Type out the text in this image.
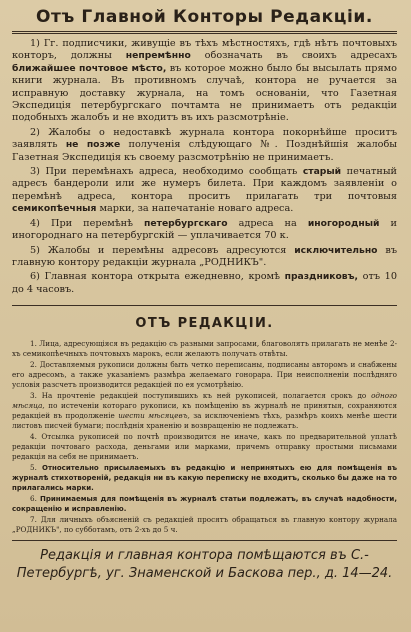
Отъ Главной Конторы Редакціи.

1) Гг. подписчики, живущіе въ тѣхъ мѣстностяхъ, гдѣ нѣтъ почтовыхъ конторъ, должны непремѣнно обозначать въ своихъ адресахъ ближайшее почтовое мѣсто, въ которое можно было бы высылать прямо книги журнала. Въ противномъ случаѣ, контора не ручается за исправную доставку журнала, на томъ основаніи, что Газетная Экспедиція петербургскаго почтамта не принимаетъ отъ редакціи подобныхъ жалобъ и не входитъ въ ихъ разсмотрѣніе.

2) Жалобы о недоставкѣ журнала контора покорнѣйше проситъ заявлять не позже полученія слѣдующаго №. Позднѣйшія жалобы Газетная Экспедиція къ своему разсмотрѣнію не принимаетъ.

3) При перемѣнахъ адреса, необходимо сообщать старый печатный адресъ бандероли или же нумеръ билета. При каждомъ заявленіи о перемѣнѣ адреса, контора проситъ прилагать три почтовыя семикопѣечныя марки, за напечатаніе новаго адреса.

4) При перемѣнѣ петербургскаго адреса на иногородный и иногороднаго на петербургскій — уплачивается 70 к.

5) Жалобы и перемѣны адресовъ адресуются исключительно въ главную контору редакціи журнала „РОДНИКЪ".

6) Главная контора открыта ежедневно, кромѣ праздниковъ, отъ 10 до 4 часовъ.

ОТЪ РЕДАКЦІИ.

1. Лица, адресующіяся въ редакцію съ разными запросами, благоволятъ прилагать не менѣе 2-хъ семикопѣечныхъ почтовыхъ марокъ, если желаютъ получать отвѣты.

2. Доставляемыя рукописи должны быть четко переписаны, подписаны авторомъ и снабжены его адресомъ, а также указаніемъ размѣра желаемаго гонорара. При неисполненіи послѣдняго условія разсчетъ производится редакціей по ея усмотрѣнію.

3. На прочтеніе редакціей поступившихъ къ ней рукописей, полагается срокъ до одного мѣсяца, по истеченіи котораго рукописи, къ помѣщенію въ журналѣ не принятыя, сохраняются редакціей въ продолженіе шести мѣсяцевъ, за исключеніемъ тѣхъ, размѣръ коихъ менѣе шести листовъ писчей бумаги; послѣднія храненію и возвращенію не подлежатъ.

4. Отсылка рукописей по почтѣ производится не иначе, какъ по предварительной уплатѣ редакціи почтоваго расхода, деньгами или марками, причемъ отправку простыми письмами редакція на себя не принимаетъ.

5. Относительно присылаемыхъ въ редакцію и непринятыхъ ею для помѣщенія въ журналѣ стихотвореній, редакція ни въ какую переписку не входитъ, сколько бы даже на то прилагались марки.

6. Принимаемыя для помѣщенія въ журналѣ статьи подлежатъ, въ случаѣ надобности, сокращенію и исправленію.

7. Для личныхъ объясненій съ редакціей просятъ обращаться въ главную контору журнала „РОДНИКЪ", по субботамъ, отъ 2-хъ до 5 ч.

Редакція и главная контора помѣщаются въ С.-Петербургѣ, уг. Знаменской и Баскова пер., д. 14—24.
